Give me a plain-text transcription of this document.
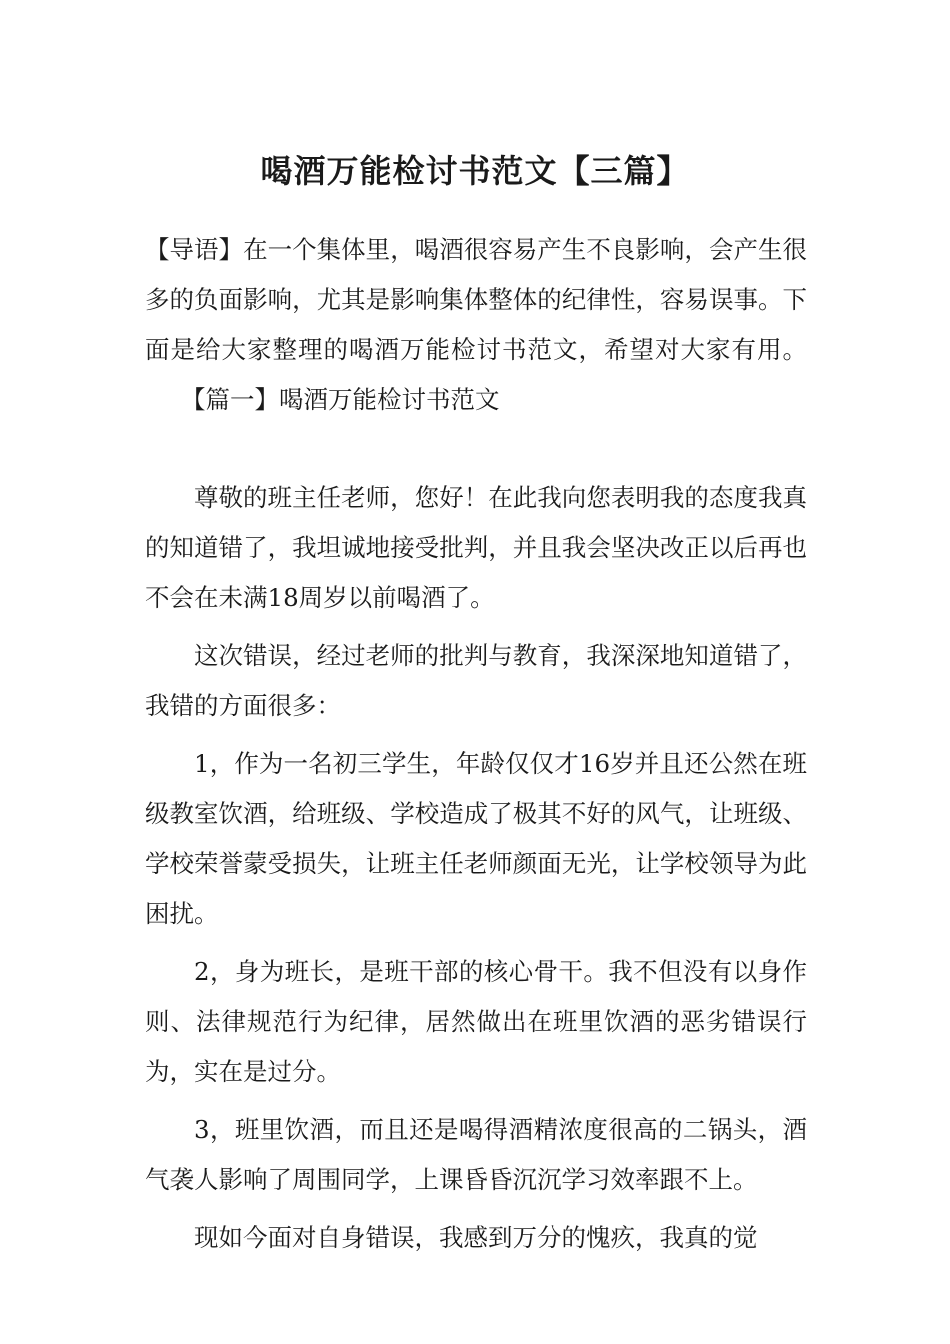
喝酒万能检讨书范文【三篇】
【导语】在一个集体里，喝酒很容易产生不良影响，会产生很多的负面影响，尤其是影响集体整体的纪律性，容易误事。下面是给大家整理的喝酒万能检讨书范文，希望对大家有用。【篇一】喝酒万能检讨书范文

尊敬的班主任老师，您好！在此我向您表明我的态度我真的知道错了，我坦诚地接受批判，并且我会坚决改正以后再也不会在未满18周岁以前喝酒了。

这次错误，经过老师的批判与教育，我深深地知道错了，我错的方面很多：

1，作为一名初三学生，年龄仅仅才16岁并且还公然在班级教室饮酒，给班级、学校造成了极其不好的风气，让班级、学校荣誉蒙受损失，让班主任老师颜面无光，让学校领导为此困扰。

2，身为班长，是班干部的核心骨干。我不但没有以身作则、法律规范行为纪律，居然做出在班里饮酒的恶劣错误行为，实在是过分。

3，班里饮酒，而且还是喝得酒精浓度很高的二锅头，酒气袭人影响了周围同学，上课昏昏沉沉学习效率跟不上。

现如今面对自身错误，我感到万分的愧疚，我真的觉
